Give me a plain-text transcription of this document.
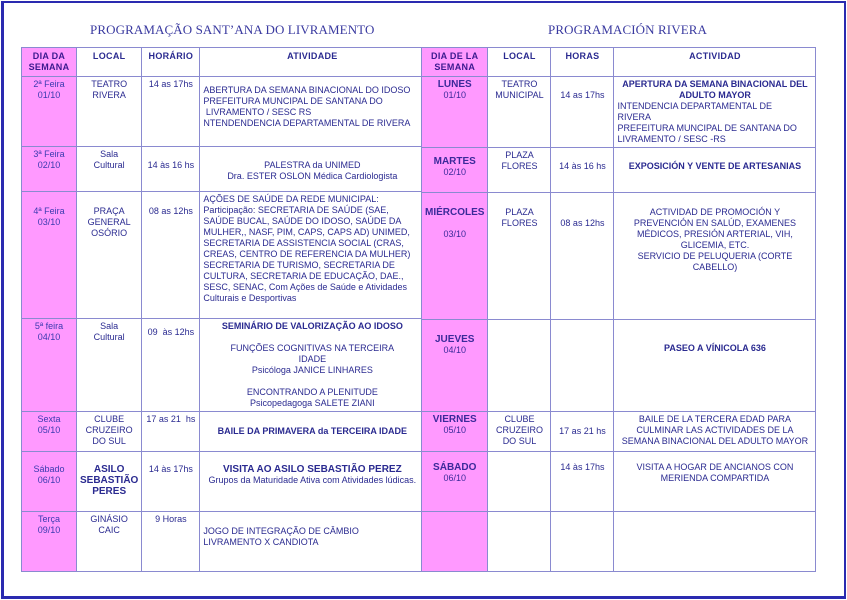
PROGRAMAÇÃO SANT’ANA DO LIVRAMENTO	PROGRAMACIÓN RIVERA
DIA DA SEMANA	LOCAL	HORÁRIO	ATIVIDADE

2ª Feira
01/10	TEATRO
RIVERA	14 as 17hs	ABERTURA DA SEMANA BINACIONAL DO IDOSO
PREFEITURA MUNCIPAL DE SANTANA DO
LIVRAMENTO / SESC RS
NTENDENDENCIA DEPARTAMENTAL DE RIVERA

3ª Feira
02/10	Sala
Cultural	14 às 16 hs	PALESTRA da UNIMED
Dra. ESTER OSLON Médica Cardiologista

4ª Feira
03/10

PRAÇA
GENERAL
OSÓRIO
	08 as 12hs	
AÇÕES DE SAÚDE DA REDE MUNICIPAL:
Participação: SECRETARIA DE SAÚDE (SAE,
SAÚDE BUCAL, SAÚDE DO IDOSO, SAÚDE DA
MULHER,, NASF, PIM, CAPS, CAPS AD) UNIMED,
SECRETARIA DE ASSISTENCIA SOCIAL (CRAS,
CREAS, CENTRO DE REFERENCIA DA MULHER)
SECRETARIA DE TURISMO, SECRETARIA DE
CULTURA, SECRETARIA DE EDUCAÇÃO, DAE.,
SESC, SENAC, Com Ações de Saúde e Atividades
Culturais e Desportivas

5ª feira
04/10

Sala
Cultural	09  às 12hs	
SEMINÁRIO DE VALORIZAÇÃO AO IDOSO
FUNÇÕES COGNITIVAS NA TERCEIRA
IDADE
Psicóloga JANICE LINHARES
ENCONTRANDO A PLENITUDE
Psicopedagoga SALETE ZIANI

Sexta
05/10	CLUBE
CRUZEIRO
DO SUL	17 as 21  hs	BAILE DA PRIMAVERA da TERCEIRA IDADE

Sábado
06/10	ASILO
SEBASTIÃO
PERES	14 às 17hs	VISITA AO ASILO SEBASTIÃO PEREZ
Grupos da Maturidade Ativa com Atividades lúdicas.

Terça
09/10	GINÁSIO
CAIC	9 Horas	JOGO DE INTEGRAÇÃO DE CÂMBIO
LIVRAMENTO X CANDIOTA
DIA DE LA SEMANA	LOCAL	HORAS	ACTIVIDAD

LUNES
01/10	TEATRO
MUNICIPAL	14 as 17hs	APERTURA DA SEMANA BINACIONAL DEL ADULTO MAYOR
INTENDENCIA DEPARTAMENTAL DE
RIVERA
PREFEITURA MUNCIPAL DE SANTANA DO
LIVRAMENTO / SESC -RS

MARTES
02/10	PLAZA
FLORES	14 às 16 hs	EXPOSICIÓN Y VENTE DE ARTESANIAS

MIÉRCOLES
03/10

PLAZA
FLORES	08 as 12hs	
ACTIVIDAD DE PROMOCIÓN Y
PREVENCIÓN EN SALÚD, EXAMENES
MÉDICOS, PRESIÓN ARTERIAL, VIH,
GLICEMIA, ETC.
SERVICIO DE PELUQUERIA (CORTE
CABELLO)

JUEVES
04/10			PASEO A VÍNICOLA 636

VIERNES
05/10	CLUBE
CRUZEIRO
DO SUL	17 as 21 hs	BAILE DE LA TERCERA EDAD PARA
CULMINAR LAS ACTIVIDADES DE LA
SEMANA BINACIONAL DEL ADULTO MAYOR

SÁBADO
06/10		14 às 17hs	VISITA A HOGAR DE ANCIANOS CON
MERIENDA COMPARTIDA
